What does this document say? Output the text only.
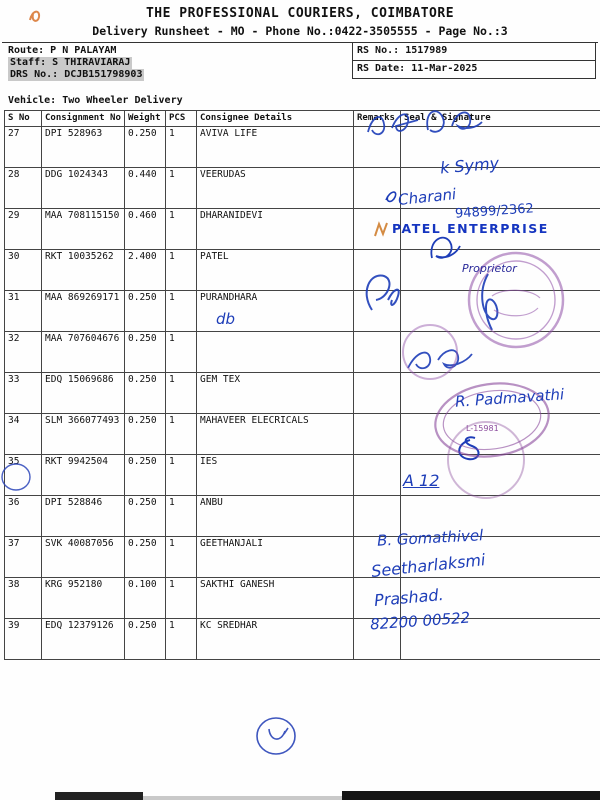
THE PROFESSIONAL COURIERS, COIMBATORE
Delivery Runsheet - MO - Phone No.:0422-3505555 - Page No.:3
Route: P N PALAYAM
Staff: S THIRAVIARAJ
DRS No.: DCJB151798903
RS No.: 1517989
RS Date: 11-Mar-2025
Vehicle: Two Wheeler Delivery
S No	Consignment No	Weight	PCS	Consignee Details	Remarks	Seal & Signature
27	DPI 528963	0.250	1	AVIVA LIFE		
28	DDG 1024343	0.440	1	VEERUDAS		
29	MAA 708115150	0.460	1	DHARANIDEVI		
30	RKT 10035262	2.400	1	PATEL		
31	MAA 869269171	0.250	1	PURANDHARA		
32	MAA 707604676	0.250	1			
33	EDQ 15069686	0.250	1	GEM TEX		
34	SLM 366077493	0.250	1	MAHAVEER ELECRICALS		
35	RKT 9942504	0.250	1	IES		
36	DPI 528846	0.250	1	ANBU		
37	SVK 40087056	0.250	1	GEETHANJALI		
38	KRG 952180	0.100	1	SAKTHI GANESH		
39	EDQ 12379126	0.250	1	KC SREDHAR		
k Symy
Charani
94899/2362
PATEL ENTERPRISE
Proprietor
db
R. Padmavathi
A 12
B. Gomathivel
Seetharlaksmi
Prashad.
82200 00522
L-15981
